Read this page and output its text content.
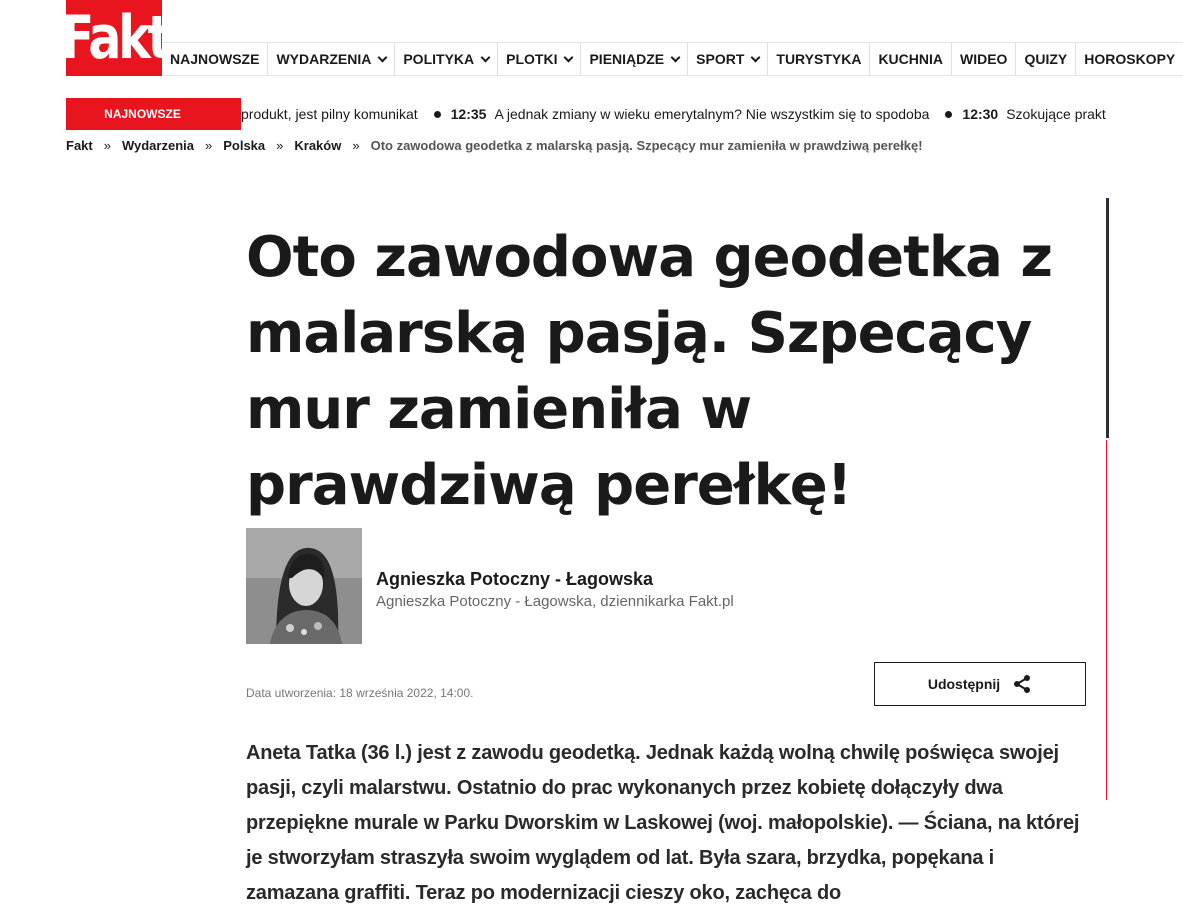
Fakt NAJNOWSZE WYDARZENIA POLITYKA PLOTKI PIENIĄDZE SPORT TURYSTYKA KUCHNIA WIDEO QUIZY HOROSKOPY
NAJNOWSZE	produkt, jest pilny komunikat 12:35 A jednak zmiany w wieku emerytalnym? Nie wszystkim się to spodoba 12:30 Szokujące prakt
Fakt » Wydarzenia » Polska » Kraków » Oto zawodowa geodetka z malarską pasją. Szpecący mur zamieniła w prawdziwą perełkę!
Oto zawodowa geodetka z malarską pasją. Szpecący mur zamieniła w prawdziwą perełkę!
Agnieszka Potoczny - Łagowska
Agnieszka Potoczny - Łagowska, dziennikarka Fakt.pl
Data utworzenia: 18 września 2022, 14:00.
Udostępnij

Aneta Tatka (36 l.) jest z zawodu geodetką. Jednak każdą wolną chwilę poświęca swojej pasji, czyli malarstwu. Ostatnio do prac wykonanych przez kobietę dołączyły dwa przepiękne murale w Parku Dworskim w Laskowej (woj. małopolskie). — Ściana, na której je stworzyłam straszyła swoim wyglądem od lat. Była szara, brzydka, popękana i zamazana graffiti. Teraz po modernizacji cieszy oko, zachęca do
